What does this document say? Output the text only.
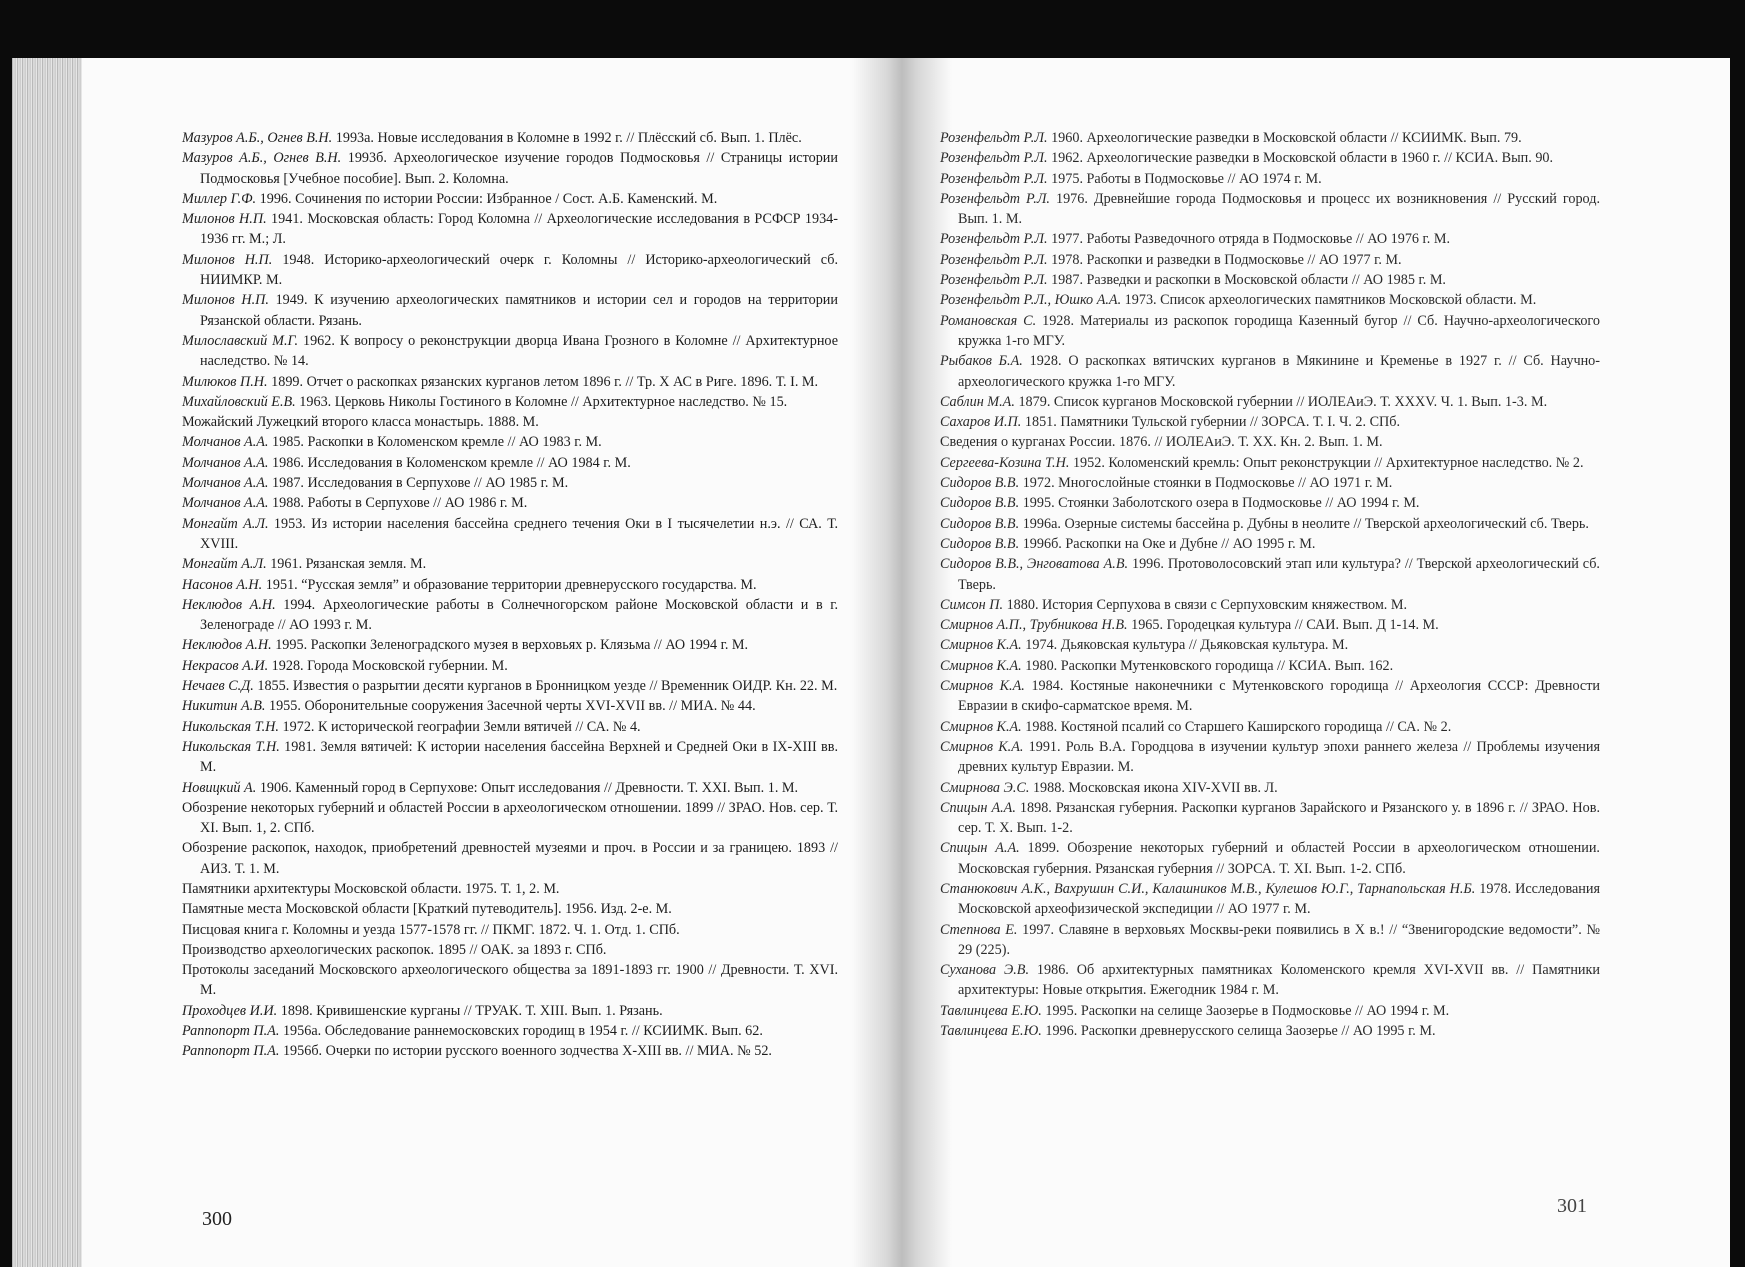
Мазуров А.Б., Огнев В.Н. 1993а. Новые исследования в Коломне в 1992 г. // Плёсский сб. Вып. 1. Плёс.
Мазуров А.Б., Огнев В.Н. 1993б. Археологическое изучение городов Подмосковья // Страницы истории Подмосковья [Учебное пособие]. Вып. 2. Коломна.
Миллер Г.Ф. 1996. Сочинения по истории России: Избранное / Сост. А.Б. Каменский. М.
Милонов Н.П. 1941. Московская область: Город Коломна // Археологические исследования в РСФСР 1934-1936 гг. М.; Л.
Милонов Н.П. 1948. Историко-археологический очерк г. Коломны // Историко-археологический сб. НИИМКР. М.
Милонов Н.П. 1949. К изучению археологических памятников и истории сел и городов на территории Рязанской области. Рязань.
Милославский М.Г. 1962. К вопросу о реконструкции дворца Ивана Грозного в Коломне // Архитектурное наследство. № 14.
Милюков П.Н. 1899. Отчет о раскопках рязанских курганов летом 1896 г. // Тр. X АС в Риге. 1896. Т. I. М.
Михайловский Е.В. 1963. Церковь Николы Гостиного в Коломне // Архитектурное наследство. № 15.
Можайский Лужецкий второго класса монастырь. 1888. М.
Молчанов А.А. 1985. Раскопки в Коломенском кремле // АО 1983 г. М.
Молчанов А.А. 1986. Исследования в Коломенском кремле // АО 1984 г. М.
Молчанов А.А. 1987. Исследования в Серпухове // АО 1985 г. М.
Молчанов А.А. 1988. Работы в Серпухове // АО 1986 г. М.
Монгайт А.Л. 1953. Из истории населения бассейна среднего течения Оки в I тысячелетии н.э. // СА. Т. XVIII.
Монгайт А.Л. 1961. Рязанская земля. М.
Насонов А.Н. 1951. “Русская земля” и образование территории древнерусского государства. М.
Неклюдов А.Н. 1994. Археологические работы в Солнечногорском районе Московской области и в г. Зеленограде // АО 1993 г. М.
Неклюдов А.Н. 1995. Раскопки Зеленоградского музея в верховьях р. Клязьма // АО 1994 г. М.
Некрасов А.И. 1928. Города Московской губернии. М.
Нечаев С.Д. 1855. Известия о разрытии десяти курганов в Бронницком уезде // Временник ОИДР. Кн. 22. М.
Никитин А.В. 1955. Оборонительные сооружения Засечной черты XVI-XVII вв. // МИА. № 44.
Никольская Т.Н. 1972. К исторической географии Земли вятичей // СА. № 4.
Никольская Т.Н. 1981. Земля вятичей: К истории населения бассейна Верхней и Средней Оки в IX-XIII вв. М.
Новицкий А. 1906. Каменный город в Серпухове: Опыт исследования // Древности. Т. XXI. Вып. 1. М.
Обозрение некоторых губерний и областей России в археологическом отношении. 1899 // ЗРАО. Нов. сер. Т. XI. Вып. 1, 2. СПб.
Обозрение раскопок, находок, приобретений древностей музеями и проч. в России и за границею. 1893 // АИЗ. Т. 1. М.
Памятники архитектуры Московской области. 1975. Т. 1, 2. М.
Памятные места Московской области [Краткий путеводитель]. 1956. Изд. 2-е. М.
Писцовая книга г. Коломны и уезда 1577-1578 гг. // ПКМГ. 1872. Ч. 1. Отд. 1. СПб.
Производство археологических раскопок. 1895 // ОАК. за 1893 г. СПб.
Протоколы заседаний Московского археологического общества за 1891-1893 гг. 1900 // Древности. Т. XVI. М.
Проходцев И.И. 1898. Кривишенские курганы // ТРУАК. Т. XIII. Вып. 1. Рязань.
Раппопорт П.А. 1956а. Обследование раннемосковских городищ в 1954 г. // КСИИМК. Вып. 62.
Раппопорт П.А. 1956б. Очерки по истории русского военного зодчества X-XIII вв. // МИА. № 52.
Розенфельдт Р.Л. 1960. Археологические разведки в Московской области // КСИИМК. Вып. 79.
Розенфельдт Р.Л. 1962. Археологические разведки в Московской области в 1960 г. // КСИА. Вып. 90.
Розенфельдт Р.Л. 1975. Работы в Подмосковье // АО 1974 г. М.
Розенфельдт Р.Л. 1976. Древнейшие города Подмосковья и процесс их возникновения // Русский город. Вып. 1. М.
Розенфельдт Р.Л. 1977. Работы Разведочного отряда в Подмосковье // АО 1976 г. М.
Розенфельдт Р.Л. 1978. Раскопки и разведки в Подмосковье // АО 1977 г. М.
Розенфельдт Р.Л. 1987. Разведки и раскопки в Московской области // АО 1985 г. М.
Розенфельдт Р.Л., Юшко А.А. 1973. Список археологических памятников Московской области. М.
Романовская С. 1928. Материалы из раскопок городища Казенный бугор // Сб. Научно-археологического кружка 1-го МГУ.
Рыбаков Б.А. 1928. О раскопках вятичских курганов в Мякинине и Кременье в 1927 г. // Сб. Научно-археологического кружка 1-го МГУ.
Саблин М.А. 1879. Список курганов Московской губернии // ИОЛЕАиЭ. Т. XXXV. Ч. 1. Вып. 1-3. М.
Сахаров И.П. 1851. Памятники Тульской губернии // ЗОРСА. Т. I. Ч. 2. СПб.
Сведения о курганах России. 1876. // ИОЛЕАиЭ. Т. XX. Кн. 2. Вып. 1. М.
Сергеева-Козина Т.Н. 1952. Коломенский кремль: Опыт реконструкции // Архитектурное наследство. № 2.
Сидоров В.В. 1972. Многослойные стоянки в Подмосковье // АО 1971 г. М.
Сидоров В.В. 1995. Стоянки Заболотского озера в Подмосковье // АО 1994 г. М.
Сидоров В.В. 1996а. Озерные системы бассейна р. Дубны в неолите // Тверской археологический сб. Тверь.
Сидоров В.В. 1996б. Раскопки на Оке и Дубне // АО 1995 г. М.
Сидоров В.В., Энговатова А.В. 1996. Протоволосовский этап или культура? // Тверской археологический сб. Тверь.
Симсон П. 1880. История Серпухова в связи с Серпуховским княжеством. М.
Смирнов А.П., Трубникова Н.В. 1965. Городецкая культура // САИ. Вып. Д 1-14. М.
Смирнов К.А. 1974. Дьяковская культура // Дьяковская культура. М.
Смирнов К.А. 1980. Раскопки Мутенковского городища // КСИА. Вып. 162.
Смирнов К.А. 1984. Костяные наконечники с Мутенковского городища // Археология СССР: Древности Евразии в скифо-сарматское время. М.
Смирнов К.А. 1988. Костяной псалий со Старшего Каширского городища // СА. № 2.
Смирнов К.А. 1991. Роль В.А. Городцова в изучении культур эпохи раннего железа // Проблемы изучения древних культур Евразии. М.
Смирнова Э.С. 1988. Московская икона XIV-XVII вв. Л.
Спицын А.А. 1898. Рязанская губерния. Раскопки курганов Зарайского и Рязанского у. в 1896 г. // ЗРАО. Нов. сер. Т. X. Вып. 1-2.
Спицын А.А. 1899. Обозрение некоторых губерний и областей России в археологическом отношении. Московская губерния. Рязанская губерния // ЗОРСА. Т. XI. Вып. 1-2. СПб.
Станюкович А.К., Вахрушин С.И., Калашников М.В., Кулешов Ю.Г., Тарнапольская Н.Б. 1978. Исследования Московской археофизической экспедиции // АО 1977 г. М.
Степнова Е. 1997. Славяне в верховьях Москвы-реки появились в X в.! // “Звенигородские ведомости”. № 29 (225).
Суханова Э.В. 1986. Об архитектурных памятниках Коломенского кремля XVI-XVII вв. // Памятники архитектуры: Новые открытия. Ежегодник 1984 г. М.
Тавлинцева Е.Ю. 1995. Раскопки на селище Заозерье в Подмосковье // АО 1994 г. М.
Тавлинцева Е.Ю. 1996. Раскопки древнерусского селища Заозерье // АО 1995 г. М.
300
301
